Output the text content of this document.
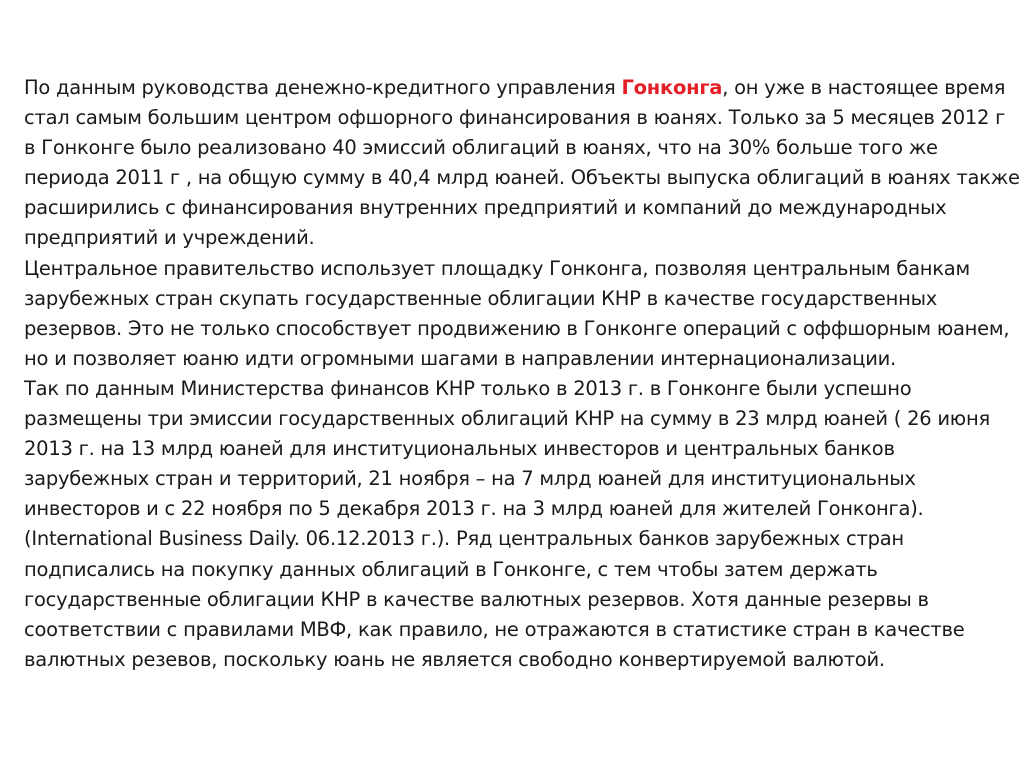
По данным руководства денежно-кредитного управления Гонконга, он уже в настоящее время стал самым большим центром офшорного финансирования в юанях. Только за 5 месяцев 2012 г в Гонконге было реализовано 40 эмиссий облигаций в юанях, что на 30% больше того же периода 2011 г , на общую сумму в 40,4 млрд юаней. Объекты выпуска облигаций в юанях также расширились с финансирования внутренних предприятий и компаний до международных предприятий и учреждений.

Центральное правительство использует площадку Гонконга, позволяя центральным банкам зарубежных стран скупать государственные облигации КНР в качестве государственных резервов. Это не только способствует продвижению в Гонконге операций с оффшорным юанем, но и позволяет юаню идти огромными шагами в направлении интернационализации.

Так по данным Министерства финансов КНР только в 2013 г. в Гонконге были успешно размещены три эмиссии государственных облигаций КНР на сумму в 23 млрд юаней ( 26 июня 2013 г. на 13 млрд юаней для институциональных инвесторов и центральных банков зарубежных стран и территорий, 21 ноября – на 7 млрд юаней для институциональных инвесторов и с 22 ноября по 5 декабря 2013 г. на 3 млрд юаней для жителей Гонконга). (International Business Daily. 06.12.2013 г.). Ряд центральных банков зарубежных стран подписались на покупку данных облигаций в Гонконге, с тем чтобы затем держать государственные облигации КНР в качестве валютных резервов. Хотя данные резервы в соответствии с правилами МВФ, как правило, не отражаются в статистике стран в качестве валютных резевов, поскольку юань не является свободно конвертируемой валютой.
